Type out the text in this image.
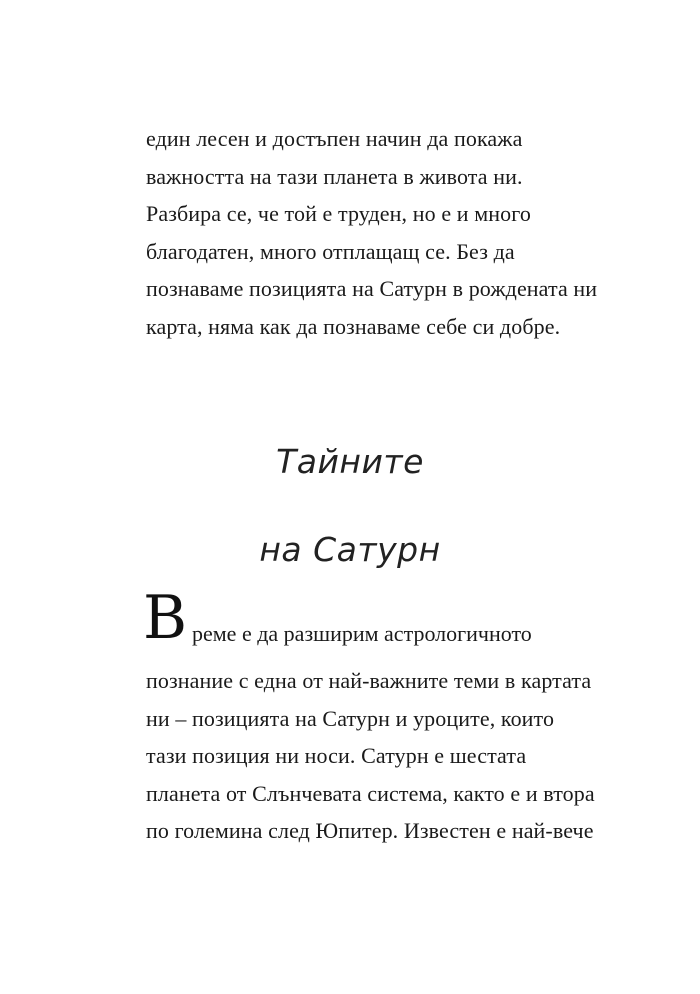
един лесен и достъпен начин да покажа
важността на тази планета в живота ни.
Разбира се, че той е труден, но е и много
благодатен, много отплащащ се. Без да
познаваме позицията на Сатурн в рождената ни
карта, няма как да познаваме себе си добре.
Тайните
на Сатурн
В реме е да разширим астрологичното
познание с една от най-важните теми в картата
ни – позицията на Сатурн и уроците, които
тази позиция ни носи. Сатурн е шестата
планета от Слънчевата система, както е и втора
по големина след Юпитер. Известен е най-вече
